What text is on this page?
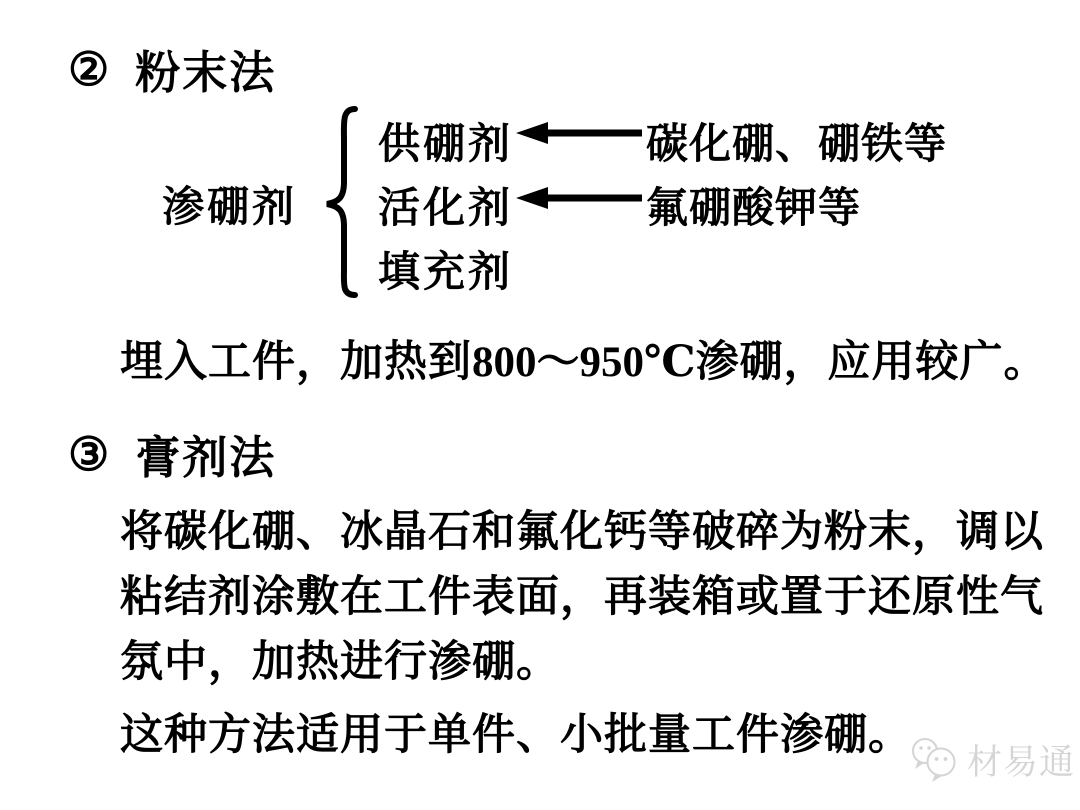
② 粉末法
渗硼剂
供硼剂
活化剂
填充剂
碳化硼、硼铁等
氟硼酸钾等
埋入工件，加热到800～950℃渗硼，应用较广。
③ 膏剂法
将碳化硼、冰晶石和氟化钙等破碎为粉末，调以
粘结剂涂敷在工件表面，再装箱或置于还原性气
氛中，加热进行渗硼。
这种方法适用于单件、小批量工件渗硼。
材易通
